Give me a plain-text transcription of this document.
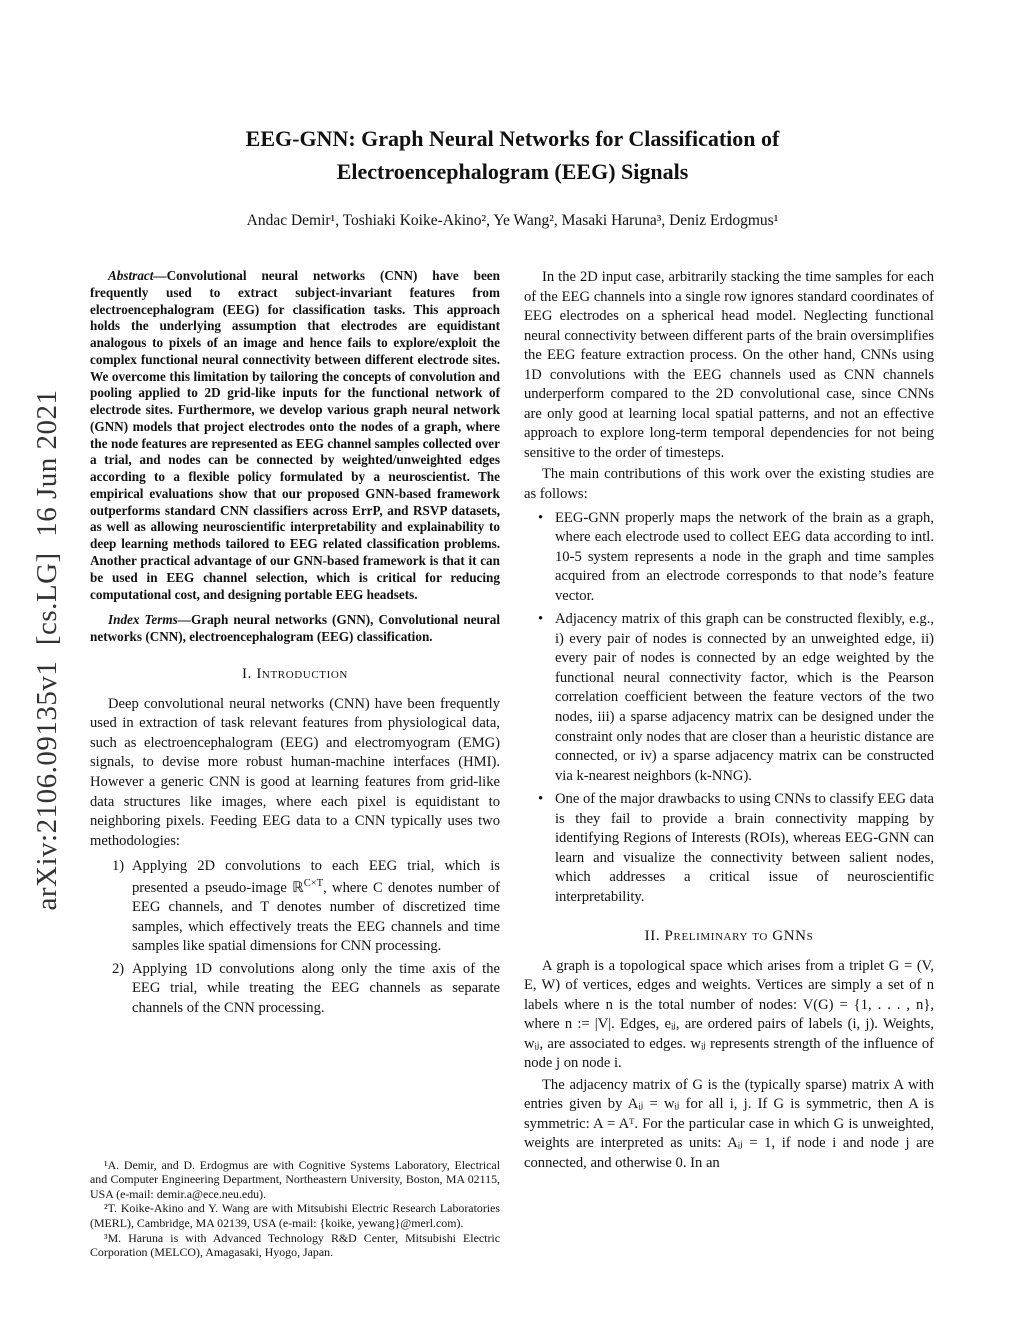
arXiv:2106.09135v1  [cs.LG]  16 Jun 2021
EEG-GNN: Graph Neural Networks for Classification of
Electroencephalogram (EEG) Signals
Andac Demir¹, Toshiaki Koike-Akino², Ye Wang², Masaki Haruna³, Deniz Erdogmus¹

Abstract—Convolutional neural networks (CNN) have been frequently used to extract subject-invariant features from electroencephalogram (EEG) for classification tasks. This approach holds the underlying assumption that electrodes are equidistant analogous to pixels of an image and hence fails to explore/exploit the complex functional neural connectivity between different electrode sites. We overcome this limitation by tailoring the concepts of convolution and pooling applied to 2D grid-like inputs for the functional network of electrode sites. Furthermore, we develop various graph neural network (GNN) models that project electrodes onto the nodes of a graph, where the node features are represented as EEG channel samples collected over a trial, and nodes can be connected by weighted/unweighted edges according to a flexible policy formulated by a neuroscientist. The empirical evaluations show that our proposed GNN-based framework outperforms standard CNN classifiers across ErrP, and RSVP datasets, as well as allowing neuroscientific interpretability and explainability to deep learning methods tailored to EEG related classification problems. Another practical advantage of our GNN-based framework is that it can be used in EEG channel selection, which is critical for reducing computational cost, and designing portable EEG headsets.

Index Terms—Graph neural networks (GNN), Convolutional neural networks (CNN), electroencephalogram (EEG) classification.

I. Introduction

Deep convolutional neural networks (CNN) have been frequently used in extraction of task relevant features from physiological data, such as electroencephalogram (EEG) and electromyogram (EMG) signals, to devise more robust human-machine interfaces (HMI). However a generic CNN is good at learning features from grid-like data structures like images, where each pixel is equidistant to neighboring pixels. Feeding EEG data to a CNN typically uses two methodologies:

1) Applying 2D convolutions to each EEG trial, which is presented a pseudo-image ℝ$^{C\times T}$, where C denotes number of EEG channels, and T denotes number of discretized time samples, which effectively treats the EEG channels and time samples like spatial dimensions for CNN processing.
2) Applying 1D convolutions along only the time axis of the EEG trial, while treating the EEG channels as separate channels of the CNN processing.

¹A. Demir, and D. Erdogmus are with Cognitive Systems Laboratory, Electrical and Computer Engineering Department, Northeastern University, Boston, MA 02115, USA (e-mail: demir.a@ece.neu.edu).

²T. Koike-Akino and Y. Wang are with Mitsubishi Electric Research Laboratories (MERL), Cambridge, MA 02139, USA (e-mail: {koike, yewang}@merl.com).

³M. Haruna is with Advanced Technology R&D Center, Mitsubishi Electric Corporation (MELCO), Amagasaki, Hyogo, Japan.

In the 2D input case, arbitrarily stacking the time samples for each of the EEG channels into a single row ignores standard coordinates of EEG electrodes on a spherical head model. Neglecting functional neural connectivity between different parts of the brain oversimplifies the EEG feature extraction process. On the other hand, CNNs using 1D convolutions with the EEG channels used as CNN channels underperform compared to the 2D convolutional case, since CNNs are only good at learning local spatial patterns, and not an effective approach to explore long-term temporal dependencies for not being sensitive to the order of timesteps.

The main contributions of this work over the existing studies are as follows:

• EEG-GNN properly maps the network of the brain as a graph, where each electrode used to collect EEG data according to intl. 10-5 system represents a node in the graph and time samples acquired from an electrode corresponds to that node’s feature vector.
• Adjacency matrix of this graph can be constructed flexibly, e.g., i) every pair of nodes is connected by an unweighted edge, ii) every pair of nodes is connected by an edge weighted by the functional neural connectivity factor, which is the Pearson correlation coefficient between the feature vectors of the two nodes, iii) a sparse adjacency matrix can be designed under the constraint only nodes that are closer than a heuristic distance are connected, or iv) a sparse adjacency matrix can be constructed via k-nearest neighbors (k-NNG).
• One of the major drawbacks to using CNNs to classify EEG data is they fail to provide a brain connectivity mapping by identifying Regions of Interests (ROIs), whereas EEG-GNN can learn and visualize the connectivity between salient nodes, which addresses a critical issue of neuroscientific interpretability.
II. Preliminary to GNNs

A graph is a topological space which arises from a triplet G = (V, E, W) of vertices, edges and weights. Vertices are simply a set of n labels where n is the total number of nodes: V(G) = {1, . . . , n}, where n := |V|. Edges, eᵢⱼ, are ordered pairs of labels (i, j). Weights, wᵢⱼ, are associated to edges. wᵢⱼ represents strength of the influence of node j on node i.

The adjacency matrix of G is the (typically sparse) matrix A with entries given by Aᵢⱼ = wᵢⱼ for all i, j. If G is symmetric, then A is symmetric: A = Aᵀ. For the particular case in which G is unweighted, weights are interpreted as units: Aᵢⱼ = 1, if node i and node j are connected, and otherwise 0. In an
